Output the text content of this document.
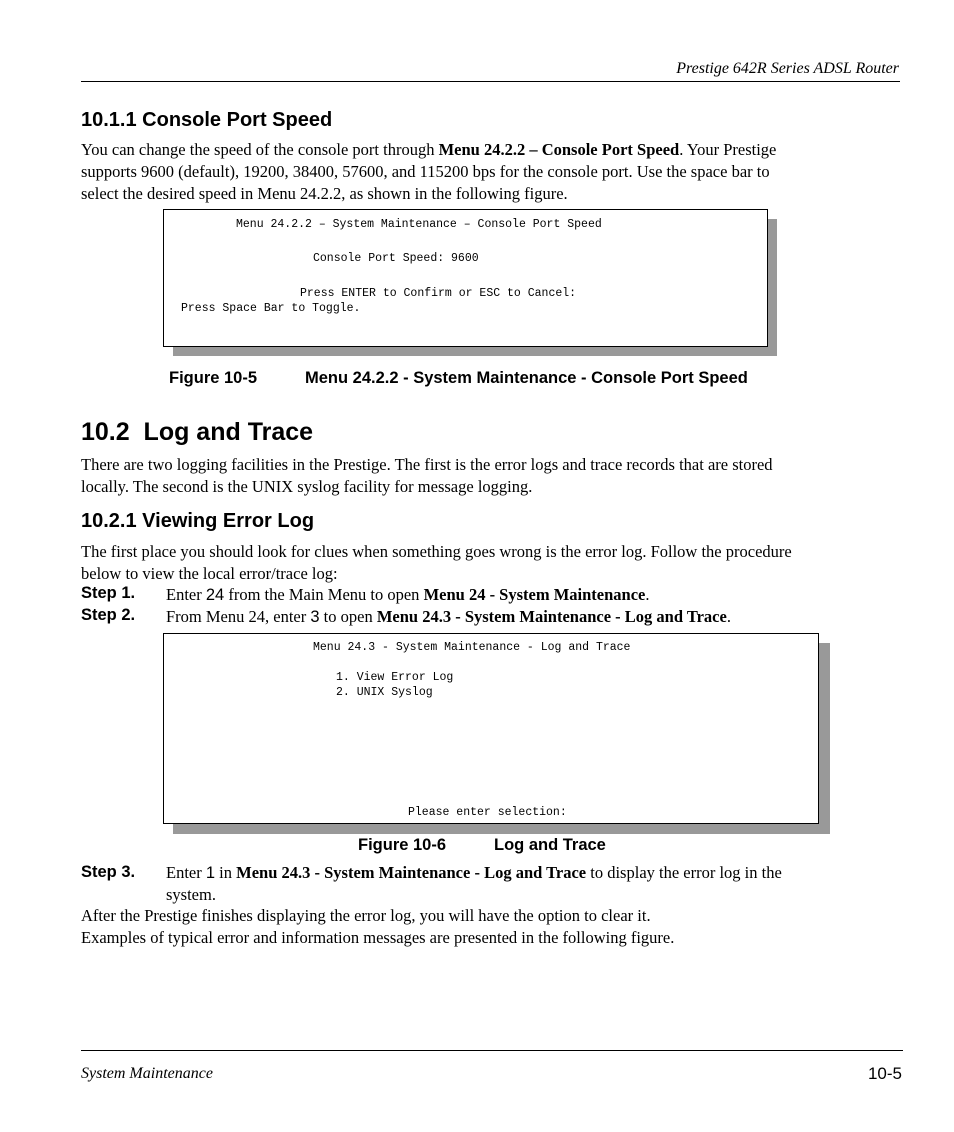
Prestige 642R Series ADSL Router
10.1.1 Console Port Speed
You can change the speed of the console port through Menu 24.2.2 – Console Port Speed. Your Prestige
supports 9600 (default), 19200, 38400, 57600, and 115200 bps for the console port. Use the space bar to
select the desired speed in Menu 24.2.2, as shown in the following figure.
Menu 24.2.2 – System Maintenance – Console Port Speed
Console Port Speed: 9600
Press ENTER to Confirm or ESC to Cancel:
Press Space Bar to Toggle.
Figure 10-5	Menu 24.2.2 - System Maintenance - Console Port Speed
10.2  Log and Trace
There are two logging facilities in the Prestige. The first is the error logs and trace records that are stored
locally. The second is the UNIX syslog facility for message logging.
10.2.1 Viewing Error Log
The first place you should look for clues when something goes wrong is the error log. Follow the procedure
below to view the local error/trace log:
Step 1. Enter 24 from the Main Menu to open Menu 24 - System Maintenance.
Step 2. From Menu 24, enter 3 to open Menu 24.3 - System Maintenance - Log and Trace.
Menu 24.3 - System Maintenance - Log and Trace
1. View Error Log
2. UNIX Syslog
Please enter selection:
Figure 10-6	Log and Trace
Step 3. Enter 1 in Menu 24.3 - System Maintenance - Log and Trace to display the error log in the
system.
After the Prestige finishes displaying the error log, you will have the option to clear it.
Examples of typical error and information messages are presented in the following figure.
System Maintenance	10-5
